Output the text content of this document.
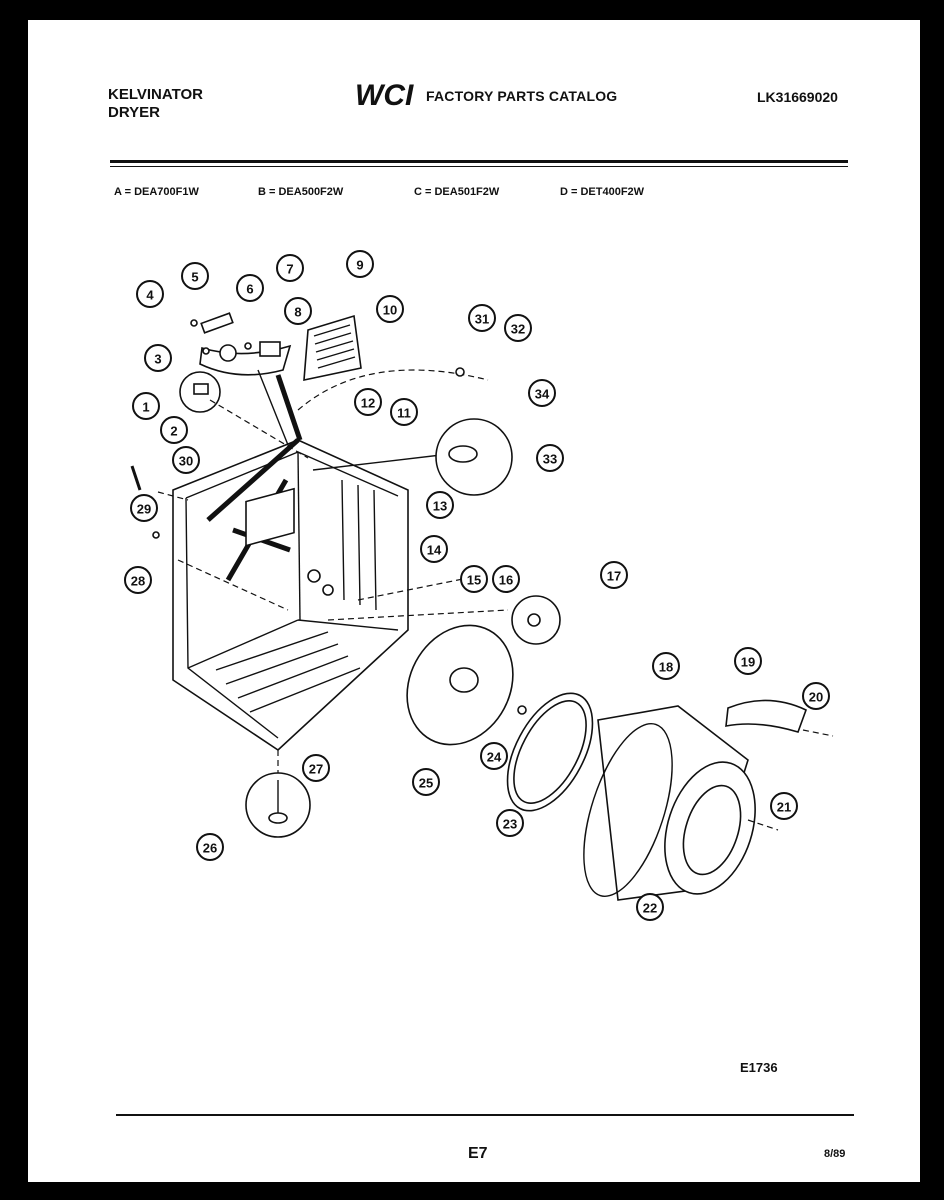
KELVINATOR
DRYER
WCI FACTORY PARTS CATALOG	LK31669020
A = DEA700F1W	B = DEA500F2W	C = DEA501F2W	D = DET400F2W
1
2
3
4
5
6
7
8
9
10
11
12
13
14
15 16	17
18	19
20
21
22
23
24
25
26
27
28
29
30
31
32
33
34
E1736
E7	8/89
